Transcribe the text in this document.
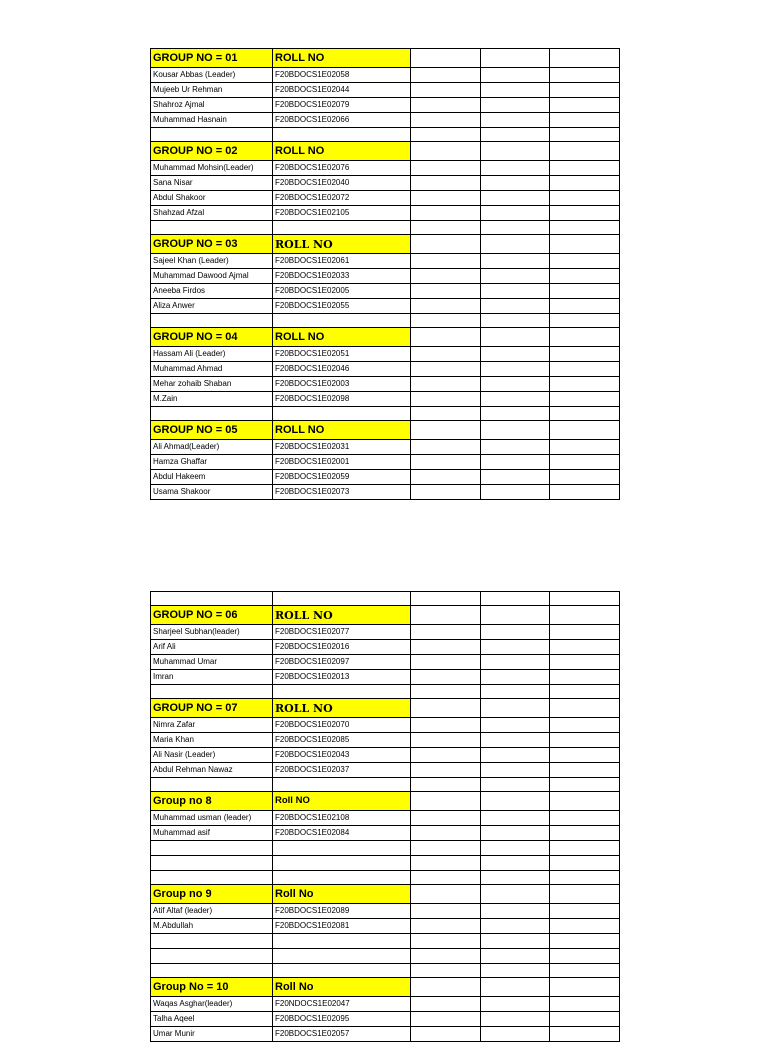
GROUP NO = 01	ROLL NO			
Kousar Abbas (Leader)	F20BDOCS1E02058			
Mujeeb Ur Rehman	F20BDOCS1E02044			
Shahroz Ajmal	F20BDOCS1E02079			
Muhammad Hasnain	F20BDOCS1E02066			

GROUP NO = 02	ROLL NO			
Muhammad Mohsin(Leader)	F20BDOCS1E02076			
Sana Nisar	F20BDOCS1E02040			
Abdul Shakoor	F20BDOCS1E02072			
Shahzad Afzal	F20BDOCS1E02105			

GROUP NO = 03	ROLL NO			
Sajeel Khan (Leader)	F20BDOCS1E02061			
Muhammad Dawood Ajmal	F20BDOCS1E02033			
Aneeba Firdos	F20BDOCS1E02005			
Aliza Anwer	F20BDOCS1E02055			

GROUP NO = 04	ROLL NO			
Hassam Ali (Leader)	F20BDOCS1E02051			
Muhammad Ahmad	F20BDOCS1E02046			
Mehar zohaib Shaban	F20BDOCS1E02003			
M.Zain	F20BDOCS1E02098			

GROUP NO = 05	ROLL NO			
Ali Ahmad(Leader)	F20BDOCS1E02031			
Hamza Ghaffar	F20BDOCS1E02001			
Abdul Hakeem	F20BDOCS1E02059			
Usama Shakoor	F20BDOCS1E02073			

GROUP NO = 06	ROLL NO			
Sharjeel Subhan(leader)	F20BDOCS1E02077			
Arif Ali	F20BDOCS1E02016			
Muhammad Umar	F20BDOCS1E02097			
Imran	F20BDOCS1E02013			

GROUP NO = 07	ROLL NO			
Nimra Zafar	F20BDOCS1E02070			
Maria Khan	F20BDOCS1E02085			
Ali Nasir (Leader)	F20BDOCS1E02043			
Abdul Rehman Nawaz	F20BDOCS1E02037			

Group no 8	Roll NO			
Muhammad usman (leader)	F20BDOCS1E02108			
Muhammad asif	F20BDOCS1E02084			

Group no 9	Roll No			
Atif Altaf (leader)	F20BDOCS1E02089			
M.Abdullah	F20BDOCS1E02081			

Group No = 10	Roll No			
Waqas Asghar(leader)	F20NDOCS1E02047			
Talha Aqeel	F20BDOCS1E02095			
Umar Munir	F20BDOCS1E02057			
